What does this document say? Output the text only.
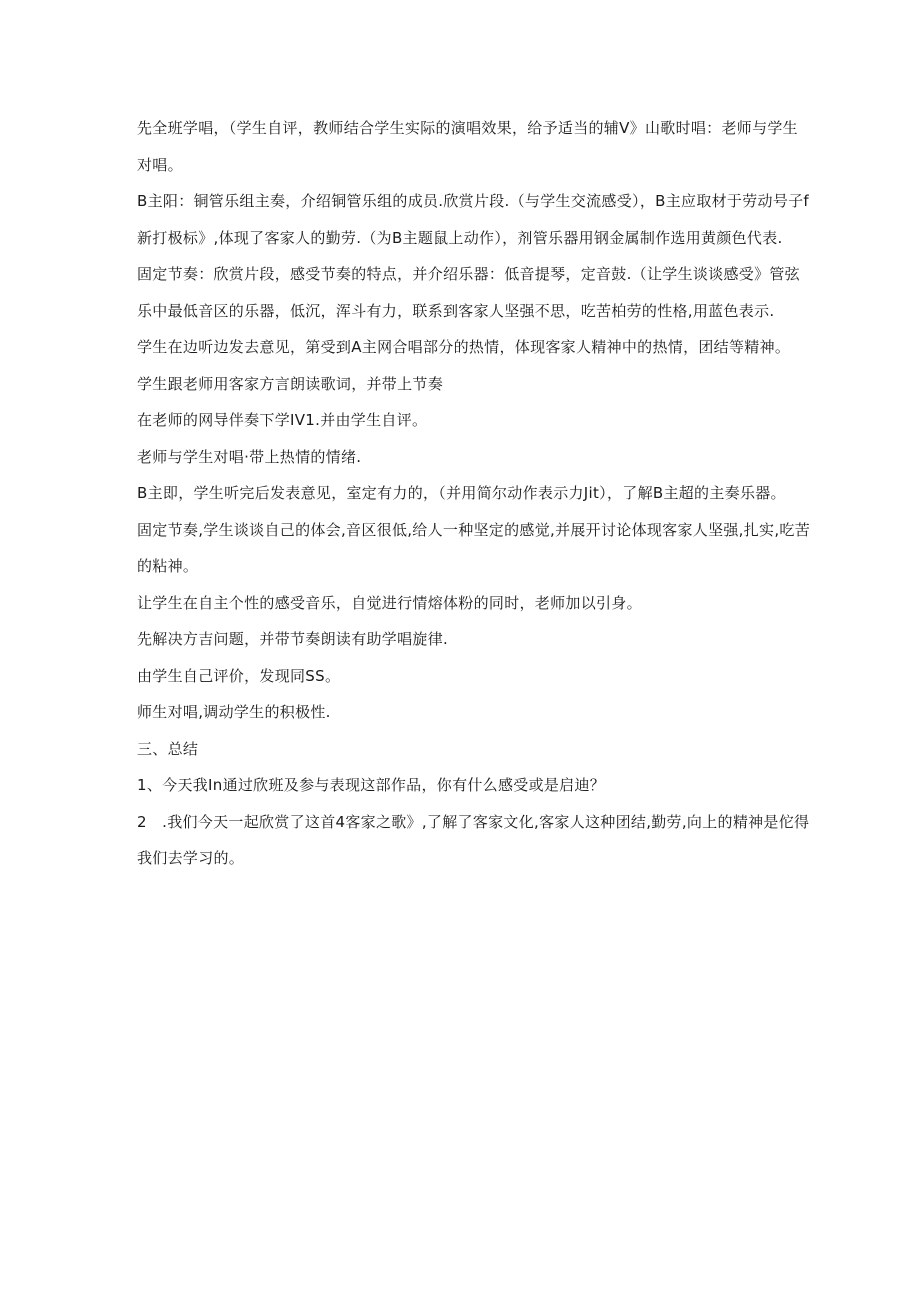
先全班学唱，（学生自评，教师结合学生实际的演唱效果，给予适当的辅V》山歌时唱：老师与学生对唱。

B主阳：铜管乐组主奏，介绍铜管乐组的成员.欣赏片段.（与学生交流感受），B主应取材于劳动号子f新打极标》,体现了客家人的勤劳.（为B主题鼠上动作），剂管乐器用钢金属制作选用黄颜色代表.

固定节奏：欣赏片段，感受节奏的特点，并介绍乐器：低音提琴，定音鼓.（让学生谈谈感受》管弦乐中最低音区的乐器，低沉，浑斗有力，联系到客家人坚强不思，吃苦柏劳的性格,用蓝色表示.

学生在边听边发去意见，第受到A主网合唱部分的热情，体现客家人精神中的热情，团结等精神。

学生跟老师用客家方言朗读歌词，并带上节奏

在老师的网导伴奏下学IV1.并由学生自评。

老师与学生对唱·带上热情的情绪.

B主即，学生听完后发表意见，室定有力的，（并用简尔动作表示力Jit），了解B主超的主奏乐器。

固定节奏,学生谈谈自己的体会,音区很低,给人一种坚定的感觉,并展开讨论体现客家人坚强,扎实,吃苦的粘神。

让学生在自主个性的感受音乐，自觉进行情熔体粉的同时，老师加以引身。

先解决方吉问题，并带节奏朗读有助学唱旋律.

由学生自己评价，发现同SS。

师生对唱,调动学生的积极性.

三、总结

1、今天我In通过欣班及参与表现这部作品，你有什么感受或是启迪？

2　.我们今天一起欣赏了这首4客家之歌》,了解了客家文化,客家人这种团结,勤劳,向上的精神是佗得我们去学习的。
